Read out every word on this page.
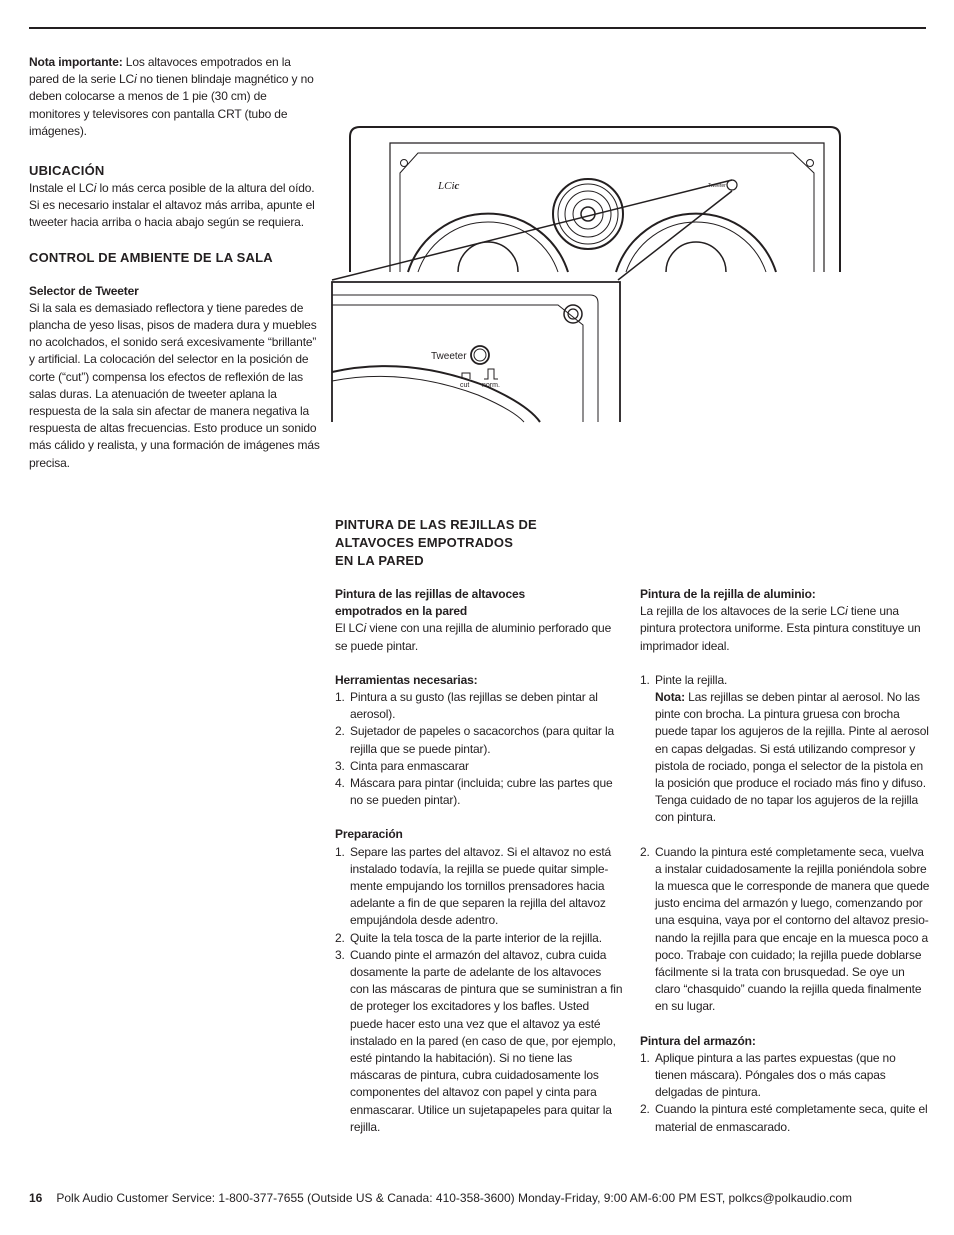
Nota importante: Los altavoces empotrados en la pared de la serie LCi no tienen blindaje magnético y no deben colocarse a menos de 1 pie (30 cm) de monitores y televisores con pantalla CRT (tubo de imágenes).

UBICACIÓN

Instale el LCi lo más cerca posible de la altura del oído. Si es necesario instalar el altavoz más arriba, apunte el tweeter hacia arriba o hacia abajo según se requiera.

CONTROL DE AMBIENTE DE LA SALA

Selector de Tweeter

Si la sala es demasiado reflectora y tiene paredes de plancha de yeso lisas, pisos de madera dura y muebles no acolchados, el sonido será excesivamente “brillante” y artificial. La colocación del selector en la posición de corte (“cut”) compensa los efectos de reflexión de las salas duras. La atenuación de tweeter aplana la respuesta de la sala sin afectar de manera negativa la respuesta de altas frecuencias. Esto produce un sonido más cálido y realista, y una formación de imágenes más precisa.

LCic	Tweeter
Tweeter
cut norm.

PINTURA DE LAS REJILLAS DE

ALTAVOCES EMPOTRADOS

EN LA PARED

Pintura de las rejillas de altavoces

empotrados en la pared

El LCi viene con una rejilla de aluminio perforado que se puede pintar.

Herramientas necesarias:

1. Pintura a su gusto (las rejillas se deben pintar al aerosol).
2. Sujetador de papeles o sacacorchos (para quitar la rejilla que se puede pintar).
3. Cinta para enmascarar
4. Máscara para pintar (incluida; cubre las partes que no se pueden pintar).

Preparación

1. Separe las partes del altavoz. Si el altavoz no está instalado todavía, la rejilla se puede quitar simple-mente empujando los tornillos prensadores hacia adelante a fin de que separen la rejilla del altavoz empujándola desde adentro.
2. Quite la tela tosca de la parte interior de la rejilla.
3. Cuando pinte el armazón del altavoz, cubra cuida dosamente la parte de adelante de los altavoces con las máscaras de pintura que se suministran a fin de proteger los excitadores y los bafles. Usted puede hacer esto una vez que el altavoz ya esté instalado en la pared (en caso de que, por ejemplo, esté pintando la habitación). Si no tiene las máscaras de pintura, cubra cuidadosamente los componentes del altavoz con papel y cinta para enmascarar. Utilice un sujetapapeles para quitar la rejilla.

Pintura de la rejilla de aluminio:

La rejilla de los altavoces de la serie LCi tiene una pintura protectora uniforme. Esta pintura constituye un imprimador ideal.

1. Pinte la rejilla.
Nota: Las rejillas se deben pintar al aerosol. No las pinte con brocha. La pintura gruesa con brocha puede tapar los agujeros de la rejilla. Pinte al aerosol en capas delgadas. Si está utilizando compresor y pistola de rociado, ponga el selector de la pistola en la posición que produce el rociado más fino y difuso. Tenga cuidado de no tapar los agujeros de la rejilla con pintura.
2. Cuando la pintura esté completamente seca, vuelva a instalar cuidadosamente la rejilla poniéndola sobre la muesca que le corresponde de manera que quede justo encima del armazón y luego, comenzando por una esquina, vaya por el contorno del altavoz presio-nando la rejilla para que encaje en la muesca poco a poco. Trabaje con cuidado; la rejilla puede doblarse fácilmente si la trata con brusquedad. Se oye un claro “chasquido” cuando la rejilla queda finalmente en su lugar.

Pintura del armazón:

1. Aplique pintura a las partes expuestas (que no tienen máscara). Póngales dos o más capas delgadas de pintura.
2. Cuando la pintura esté completamente seca, quite el material de enmascarado.
16 Polk Audio Customer Service: 1-800-377-7655 (Outside US & Canada: 410-358-3600) Monday-Friday, 9:00 AM-6:00 PM EST, polkcs@polkaudio.com
